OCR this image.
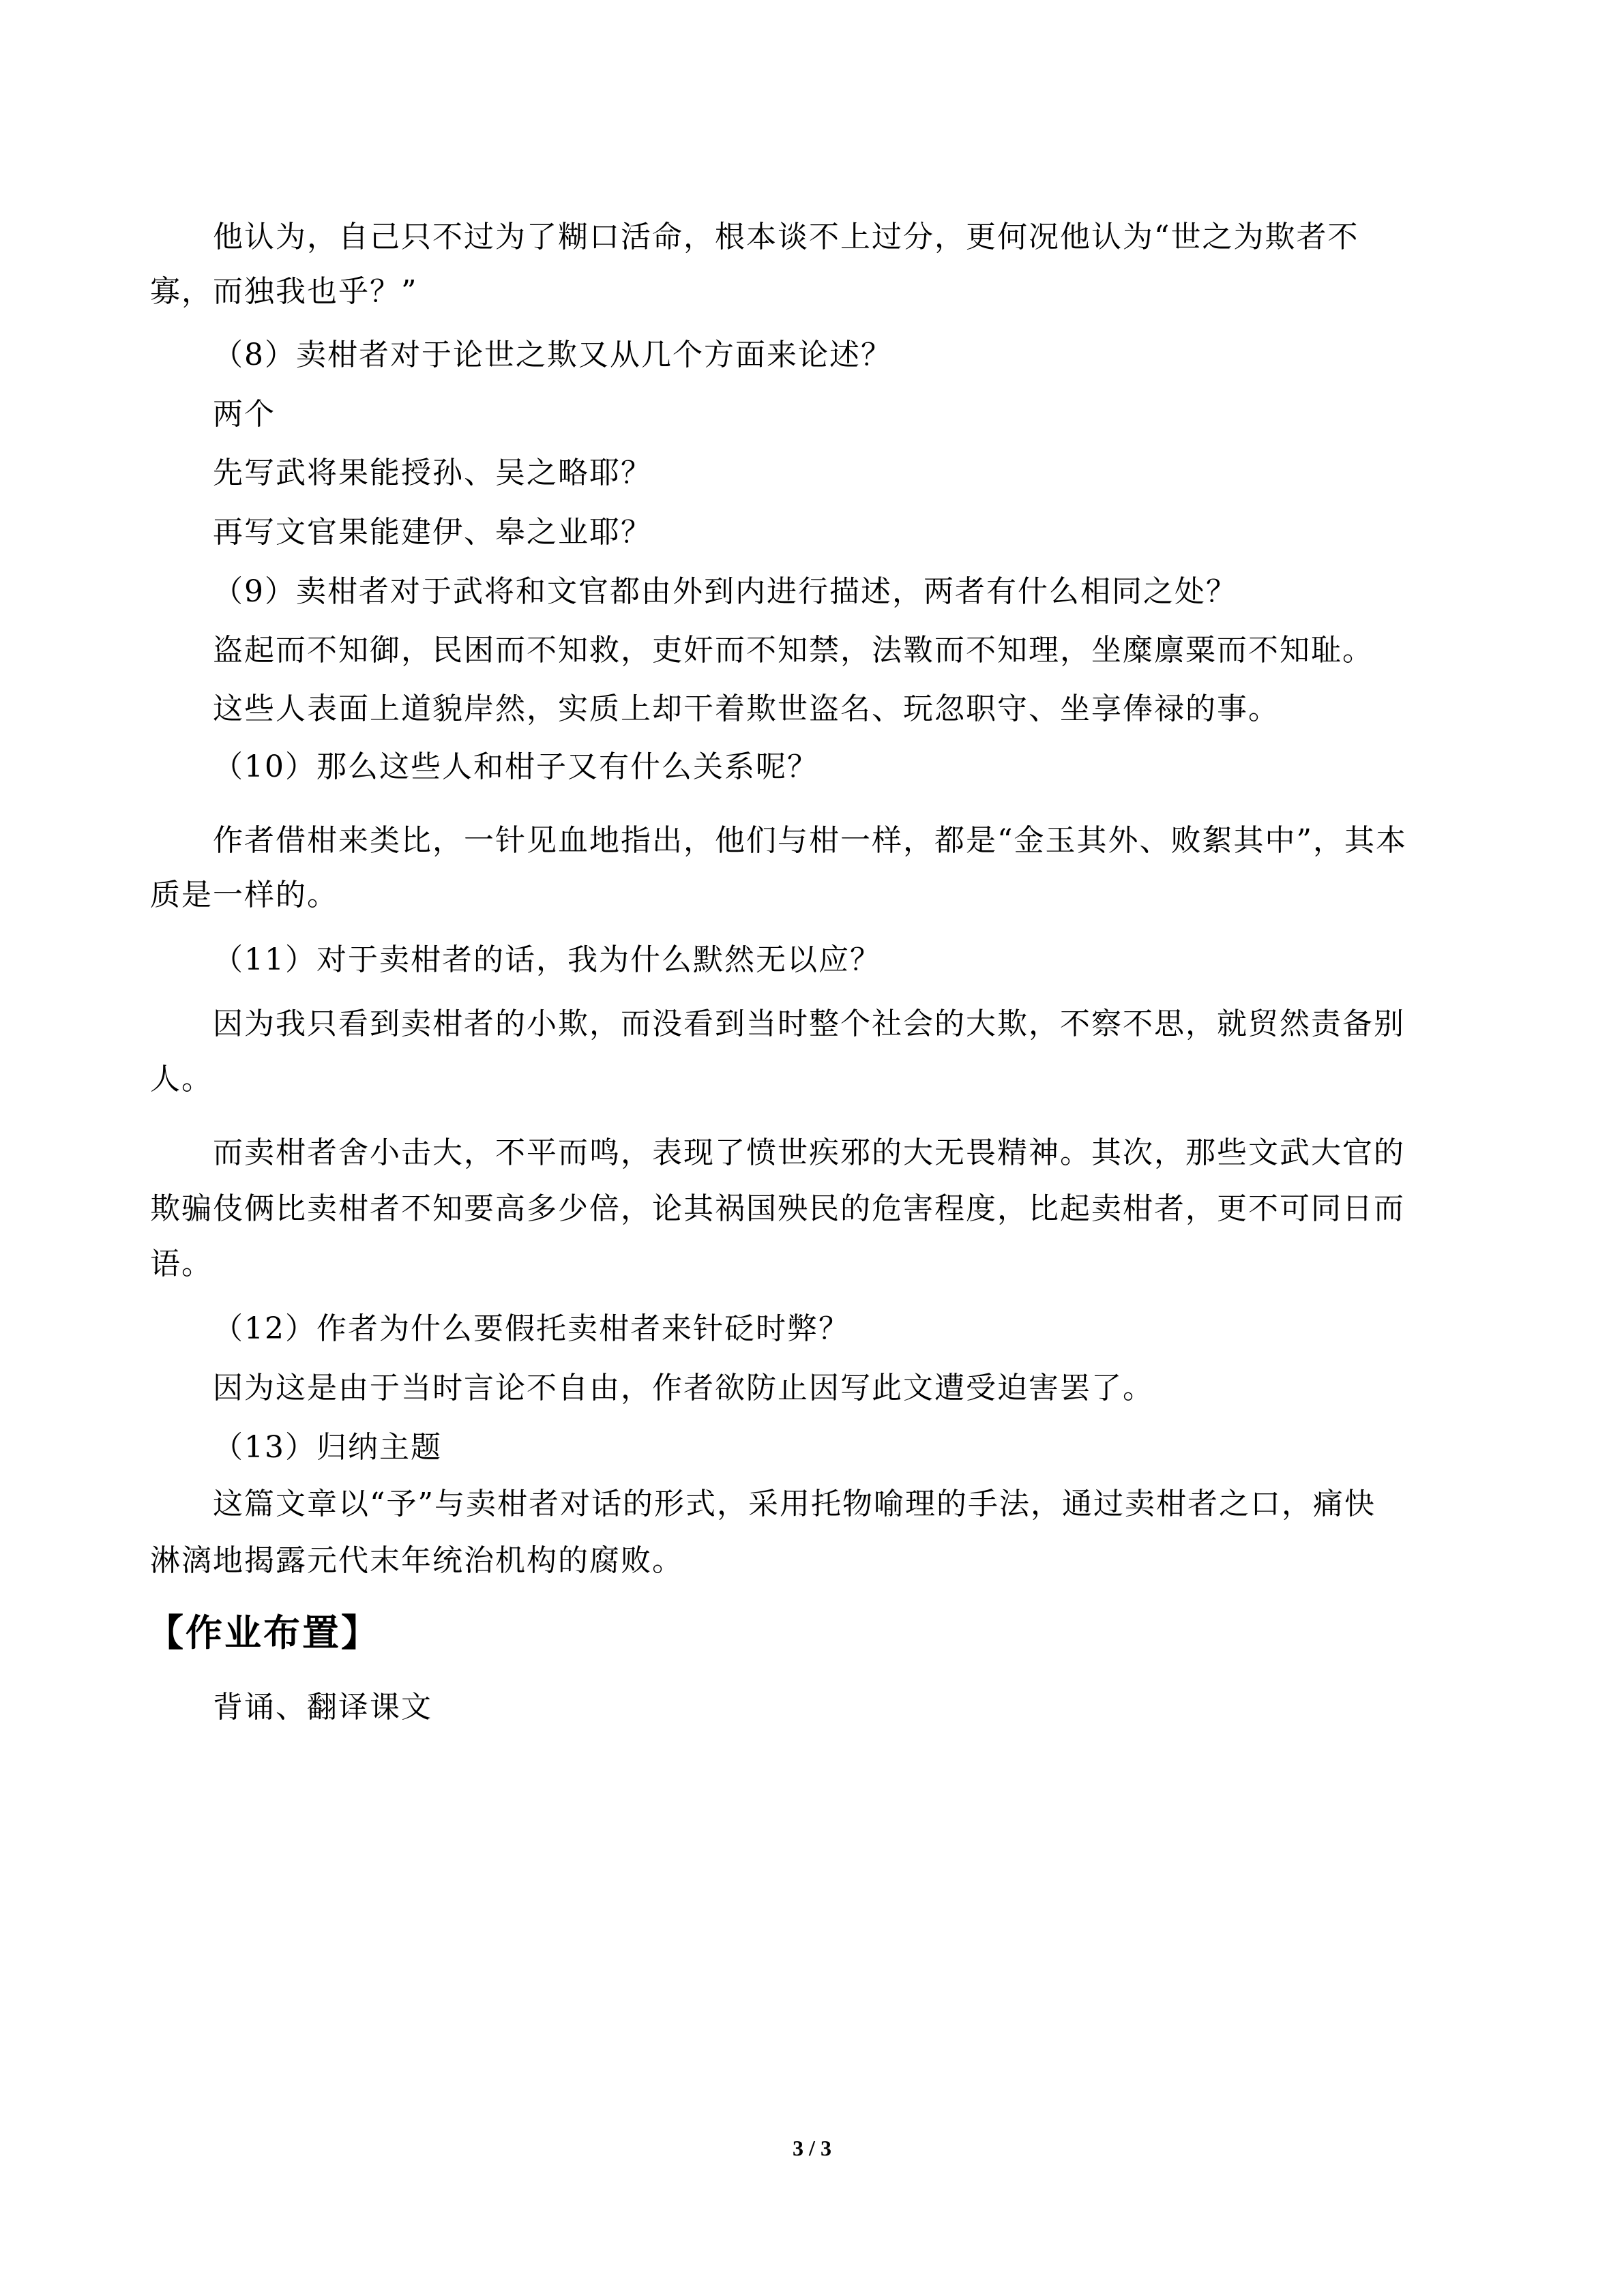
他认为，自己只不过为了糊口活命，根本谈不上过分，更何况他认为“世之为欺者不
寡，而独我也乎？”
（8）卖柑者对于论世之欺又从几个方面来论述？
两个
先写武将果能授孙、吴之略耶？
再写文官果能建伊、皋之业耶？
（9）卖柑者对于武将和文官都由外到内进行描述，两者有什么相同之处？
盗起而不知御，民困而不知救，吏奸而不知禁，法斁而不知理，坐糜廪粟而不知耻。
这些人表面上道貌岸然，实质上却干着欺世盗名、玩忽职守、坐享俸禄的事。
（10）那么这些人和柑子又有什么关系呢？
作者借柑来类比，一针见血地指出，他们与柑一样，都是“金玉其外、败絮其中”，其本
质是一样的。
（11）对于卖柑者的话，我为什么默然无以应？
因为我只看到卖柑者的小欺，而没看到当时整个社会的大欺，不察不思，就贸然责备别
人。
而卖柑者舍小击大，不平而鸣，表现了愤世疾邪的大无畏精神。其次，那些文武大官的
欺骗伎俩比卖柑者不知要高多少倍，论其祸国殃民的危害程度，比起卖柑者，更不可同日而
语。
（12）作者为什么要假托卖柑者来针砭时弊？
因为这是由于当时言论不自由，作者欲防止因写此文遭受迫害罢了。
（13）归纳主题
这篇文章以“予”与卖柑者对话的形式，采用托物喻理的手法，通过卖柑者之口，痛快
淋漓地揭露元代末年统治机构的腐败。
【作业布置】
背诵、翻译课文
3 / 3
